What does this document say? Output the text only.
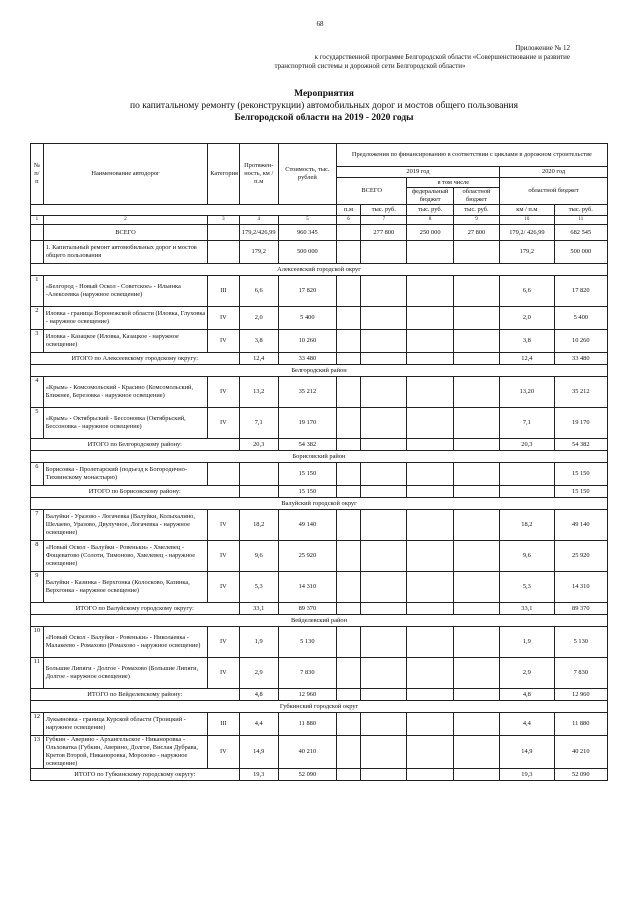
68
Приложение № 12
к государственной программе Белгородской области «Совершенствование и развитие
транспортной системы и дорожной сети Белгородской области»
Мероприятия
по капитальному ремонту (реконструкции) автомобильных дорог и мостов общего пользования
Белгородской области на 2019 - 2020 годы
№ п/п	Наименование автодорог	Категория	Протяжен-ность, км / п.м	Стоимость, тыс. рублей	Предложения по финансированию в соответствии с циклами в дорожном строительстве					
					2019 год				2020 год	
					ВСЕГО		в том числе		областной бюджет	
							федеральный бюджет	областной бюджет		
					п.м	тыс. руб.	тыс. руб.	тыс. руб.	км / п.м	тыс. руб.
1	2	3	4	5	6	7	8	9	10	11
	ВСЕГО		179,2/426,99	960 345		277 800	250 000	27 800	179,2/ 426,99	682 545
	1. Капитальный ремонт автомобильных дорог и мостов общего пользования		179,2	500 000					179,2	500 000
Алексеевский городской округ										
1	«Белгород - Новый Оскол - Советское» - Ильинка -Алексеевка (наружное освещение)	III	6,6	17 820					6,6	17 820
2	Иловка - граница Воронежской области (Иловка, Глуховка - наружное освещение)	IV	2,0	5 400					2,0	5 400
3	Иловка - Казацкое (Иловка, Казацкое - наружное освещение)	IV	3,8	10 260					3,8	10 260
ИТОГО по Алексеевскому городскому округу:			12,4	33 480					12,4	33 480
Белгородский район										
4	«Крым» - Комсомольский - Красино (Комсомольский, Ближнее, Березовка - наружное освещение)	IV	13,2	35 212					13,20	35 212
5	«Крым» - Октябрьский - Бессоновка (Октябрьский, Бессоновка - наружное освещение)	IV	7,1	19 170					7,1	19 170
ИТОГО по Белгородскому району:			20,3	54 382					20,3	54 382
Борисовский район										
6	Борисовка - Пролетарский (подъезд к Богородично-Тихвинскому монастырю)			15 150						15 150
ИТОГО по Борисовскому району:				15 150						15 150
Валуйский городской округ										
7	Валуйки - Уразово - Логачевка (Валуйки, Колыхалино, Шелаево, Уразово, Двулучное, Логачевка - наружное освещение)	IV	18,2	49 140					18,2	49 140
8	«Новый Оскол - Валуйки - Ровеньки» - Хмелевец - Фощеватово (Солоти, Тимоново, Хмелевец - наружное освещение)	IV	9,6	25 920					9,6	25 920
9	Валуйки - Казинка - Верхгонка (Колосково, Казинка, Верхгонка - наружное освещение)	IV	5,3	14 310					5,3	14 310
ИТОГО по Валуйскому городскому округу:			33,1	89 370					33,1	89 370
Вейделевский район										
10	«Новый Оскол - Валуйки - Ровеньки» - Николаевка - Малакеево - Ромахово (Ромахово - наружное освещение)	IV	1,9	5 130					1,9	5 130
11	Большие Липяги - Долгое - Ромахово (Большие Липяги, Долгое - наружное освещение)	IV	2,9	7 830					2,9	7 830
ИТОГО по Вейделевскому району:			4,8	12 960					4,8	12 960
Губкинский городской округ										
12	Лукьяновка - граница Курской области (Троицкий - наружное освещение)	III	4,4	11 880					4,4	11 880
13	Губкин - Аверино - Архангельское - Никаноровка - Ольховатка (Губкин, Аверино, Долгое, Вислая Дубрава, Кретов Второй, Никаноровка, Морозово - наружное освещение)	IV	14,9	40 210					14,9	40 210
ИТОГО по Губкинскому городскому округу:			19,3	52 090					19,3	52 090
